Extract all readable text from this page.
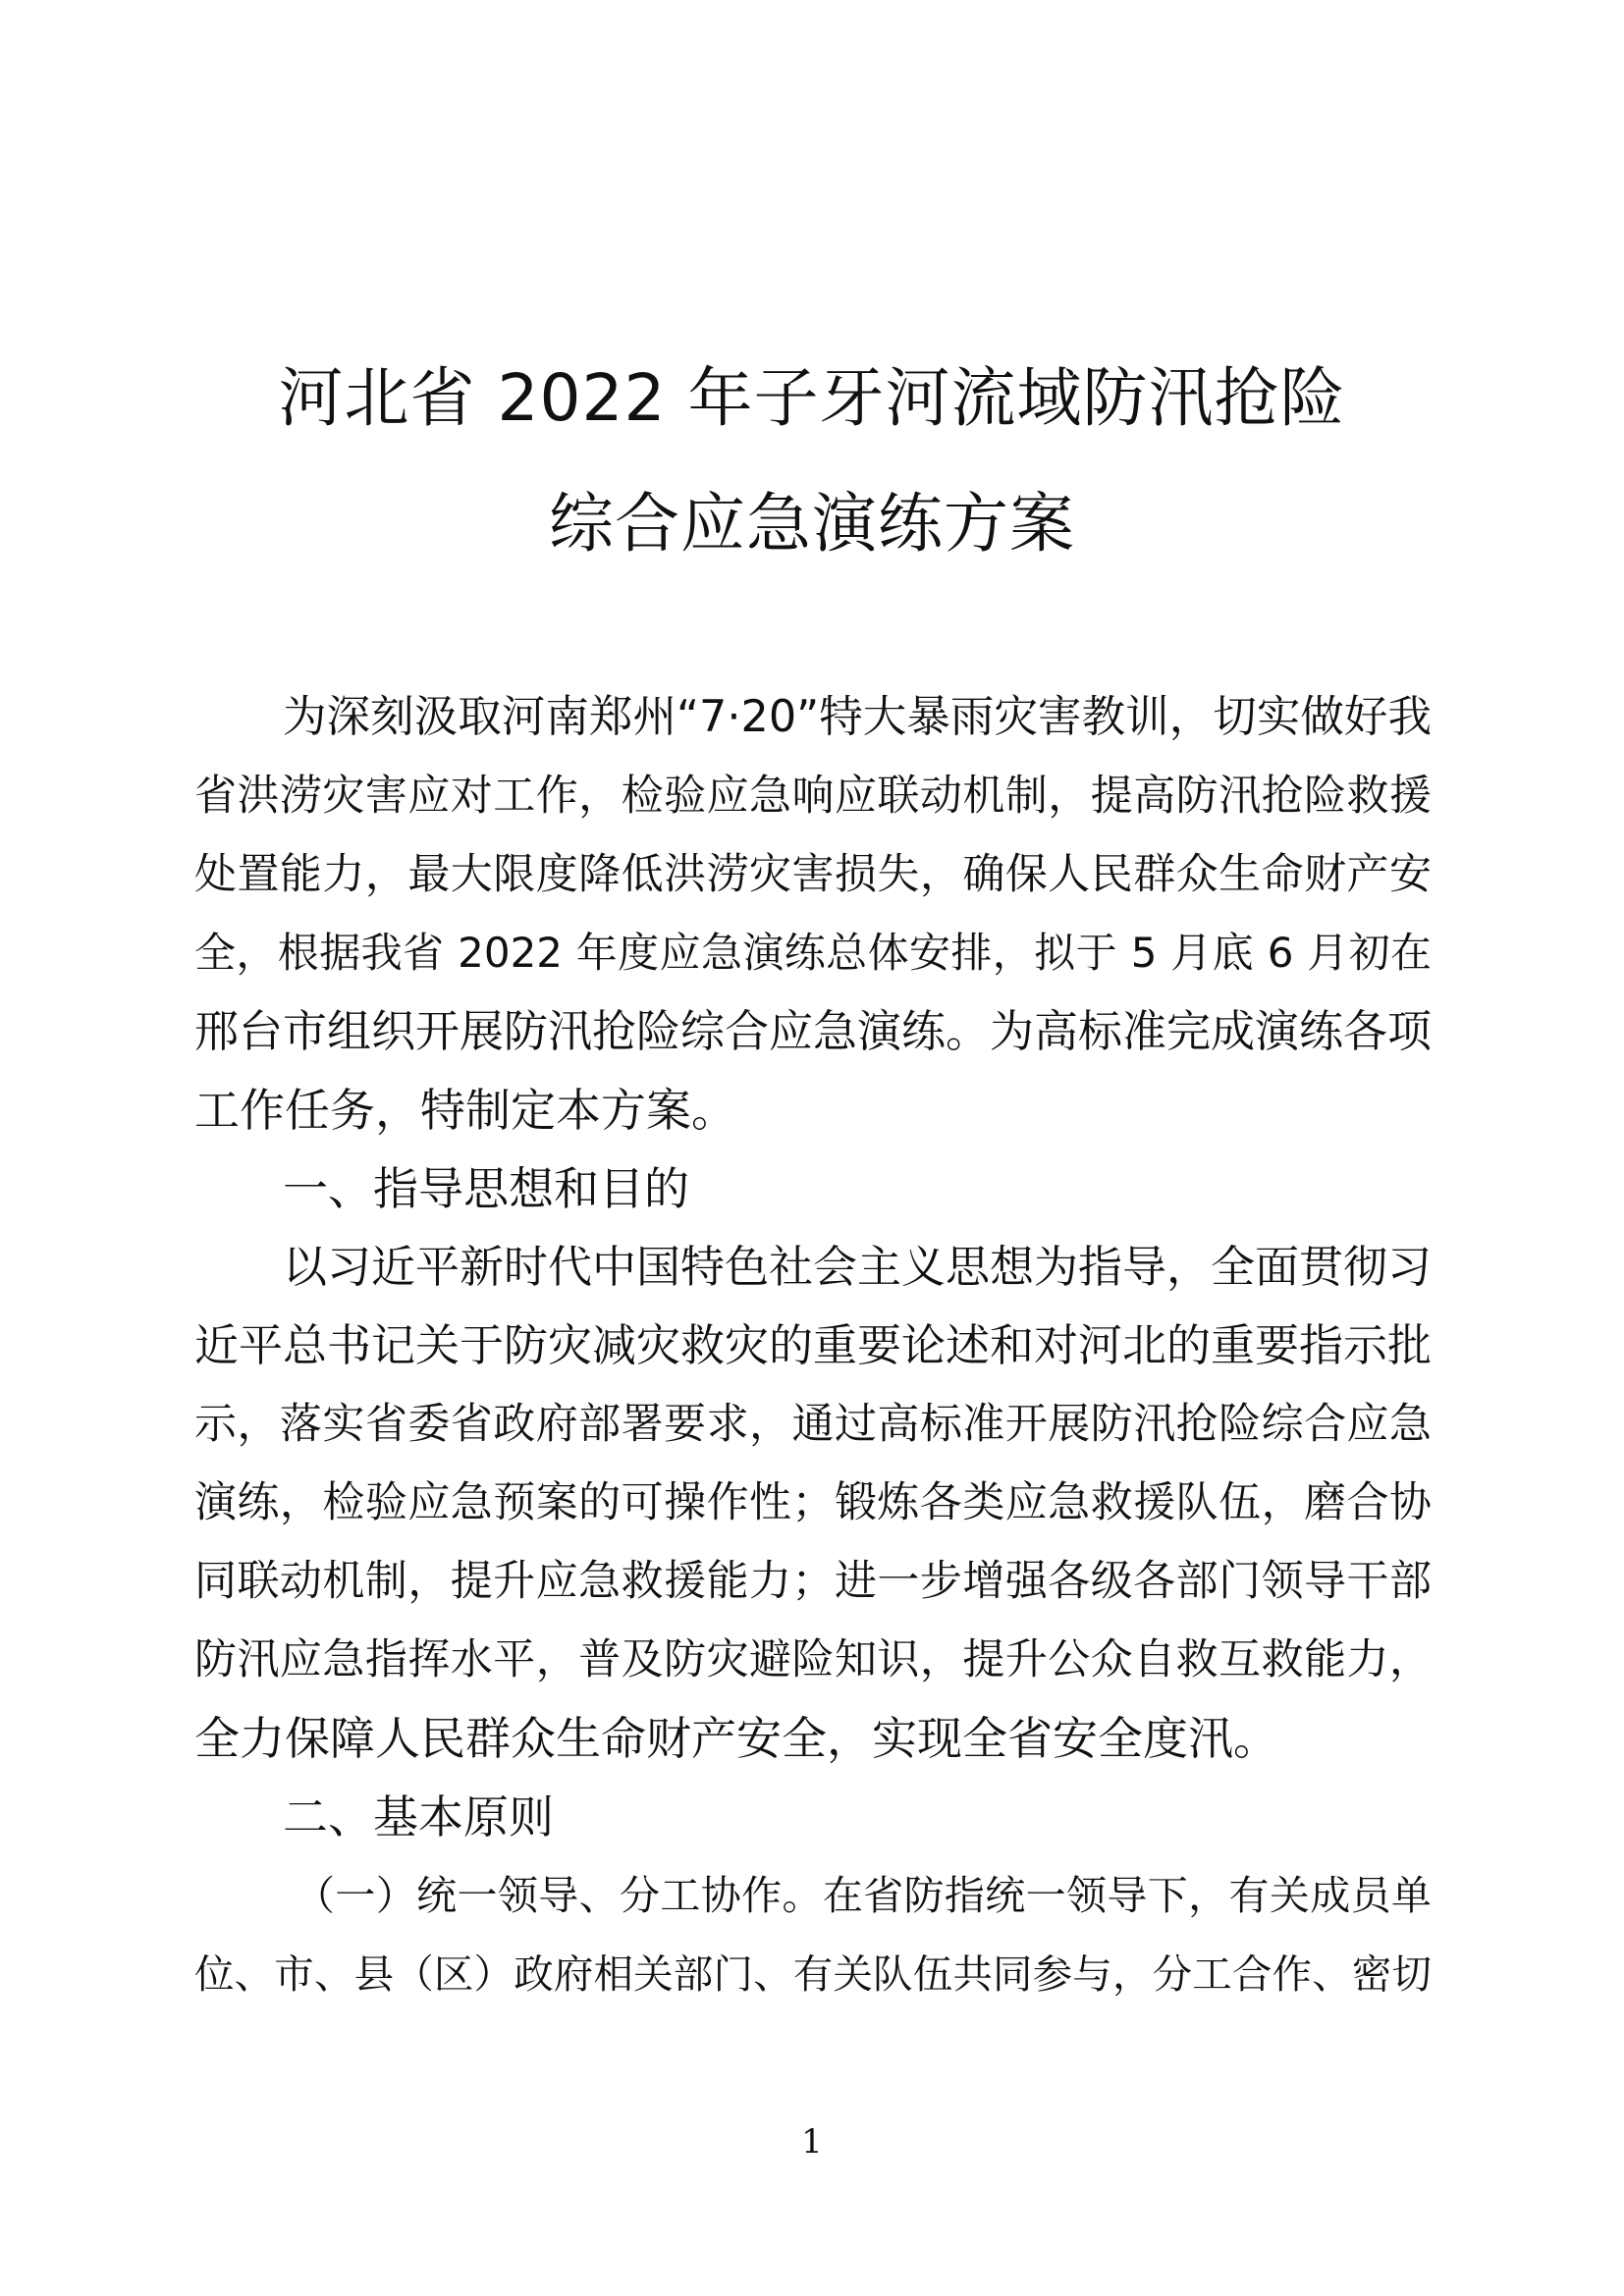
河北省 2022 年子牙河流域防汛抢险
综合应急演练方案

为深刻汲取河南郑州“7·20”特大暴雨灾害教训，切实做好我

省洪涝灾害应对工作，检验应急响应联动机制，提高防汛抢险救援

处置能力，最大限度降低洪涝灾害损失，确保人民群众生命财产安

全，根据我省 2022 年度应急演练总体安排，拟于 5 月底 6 月初在

邢台市组织开展防汛抢险综合应急演练。为高标准完成演练各项

工作任务，特制定本方案。

一、指导思想和目的

以习近平新时代中国特色社会主义思想为指导，全面贯彻习

近平总书记关于防灾减灾救灾的重要论述和对河北的重要指示批

示，落实省委省政府部署要求，通过高标准开展防汛抢险综合应急

演练，检验应急预案的可操作性；锻炼各类应急救援队伍，磨合协

同联动机制，提升应急救援能力；进一步增强各级各部门领导干部

防汛应急指挥水平，普及防灾避险知识，提升公众自救互救能力，

全力保障人民群众生命财产安全，实现全省安全度汛。

二、基本原则

（一）统一领导、分工协作。在省防指统一领导下，有关成员单

位、市、县（区）政府相关部门、有关队伍共同参与，分工合作、密切

1
